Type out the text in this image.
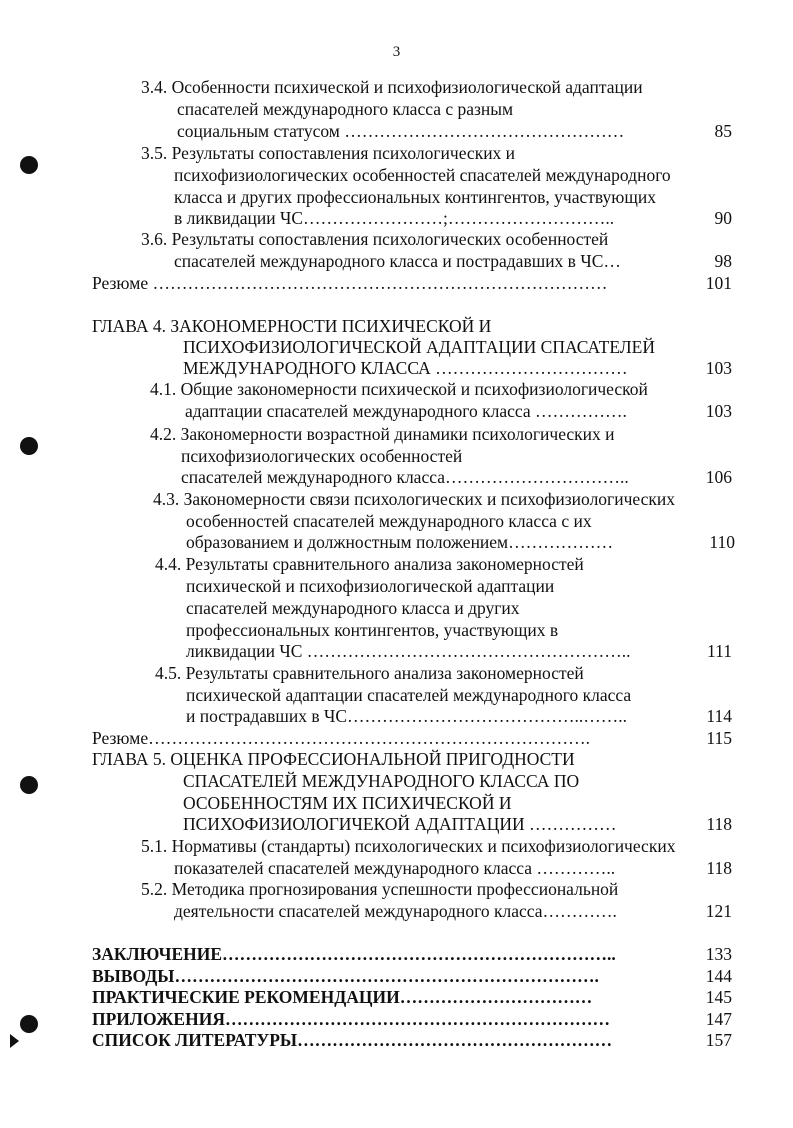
3
3.4. Особенности психической и психофизиологической адаптации
спасателей международного класса с разным
социальным статусом …………………………………………	85
3.5. Результаты сопоставления психологических и
психофизиологических особенностей спасателей международного
класса и других профессиональных контингентов, участвующих
в ликвидации ЧС……………………;………………………..	90
3.6. Результаты сопоставления психологических особенностей
спасателей международного класса и пострадавших в ЧС…	98
Резюме ……………………………………………………………………	101
ГЛАВА 4. ЗАКОНОМЕРНОСТИ ПСИХИЧЕСКОЙ И
ПСИХОФИЗИОЛОГИЧЕСКОЙ АДАПТАЦИИ СПАСАТЕЛЕЙ
МЕЖДУНАРОДНОГО КЛАССА ……………………………	103
4.1. Общие закономерности психической и психофизиологической
адаптации спасателей международного класса …………….	103
4.2. Закономерности возрастной динамики психологических и
психофизиологических особенностей
спасателей международного класса…………………………..	106
4.3. Закономерности связи психологических и психофизиологических
особенностей спасателей международного класса с их
образованием и должностным положением………………	110
4.4. Результаты сравнительного анализа закономерностей
психической и психофизиологической адаптации
спасателей международного класса и других
профессиональных контингентов, участвующих в
ликвидации ЧС ………………………………………………..	111
4.5. Результаты сравнительного анализа закономерностей
психической адаптации спасателей международного класса
и пострадавших в ЧС…………………………………..……..	114
Резюме………………………………………………………………….	115
ГЛАВА 5. ОЦЕНКА ПРОФЕССИОНАЛЬНОЙ ПРИГОДНОСТИ
СПАСАТЕЛЕЙ МЕЖДУНАРОДНОГО КЛАССА ПО
ОСОБЕННОСТЯМ ИХ ПСИХИЧЕСКОЙ И
ПСИХОФИЗИОЛОГИЧЕКОЙ АДАПТАЦИИ ……………	118
5.1. Нормативы (стандарты) психологических и психофизиологических
показателей спасателей международного класса …………..	118
5.2. Методика прогнозирования успешности профессиональной
деятельности спасателей международного класса………….	121
ЗАКЛЮЧЕНИЕ…………………………………………………………..	133
ВЫВОДЫ……………………………………………………………….	144
ПРАКТИЧЕСКИЕ РЕКОМЕНДАЦИИ……………………………	145
ПРИЛОЖЕНИЯ…………………………………………………………	147
СПИСОК ЛИТЕРАТУРЫ………………………………………………	157
